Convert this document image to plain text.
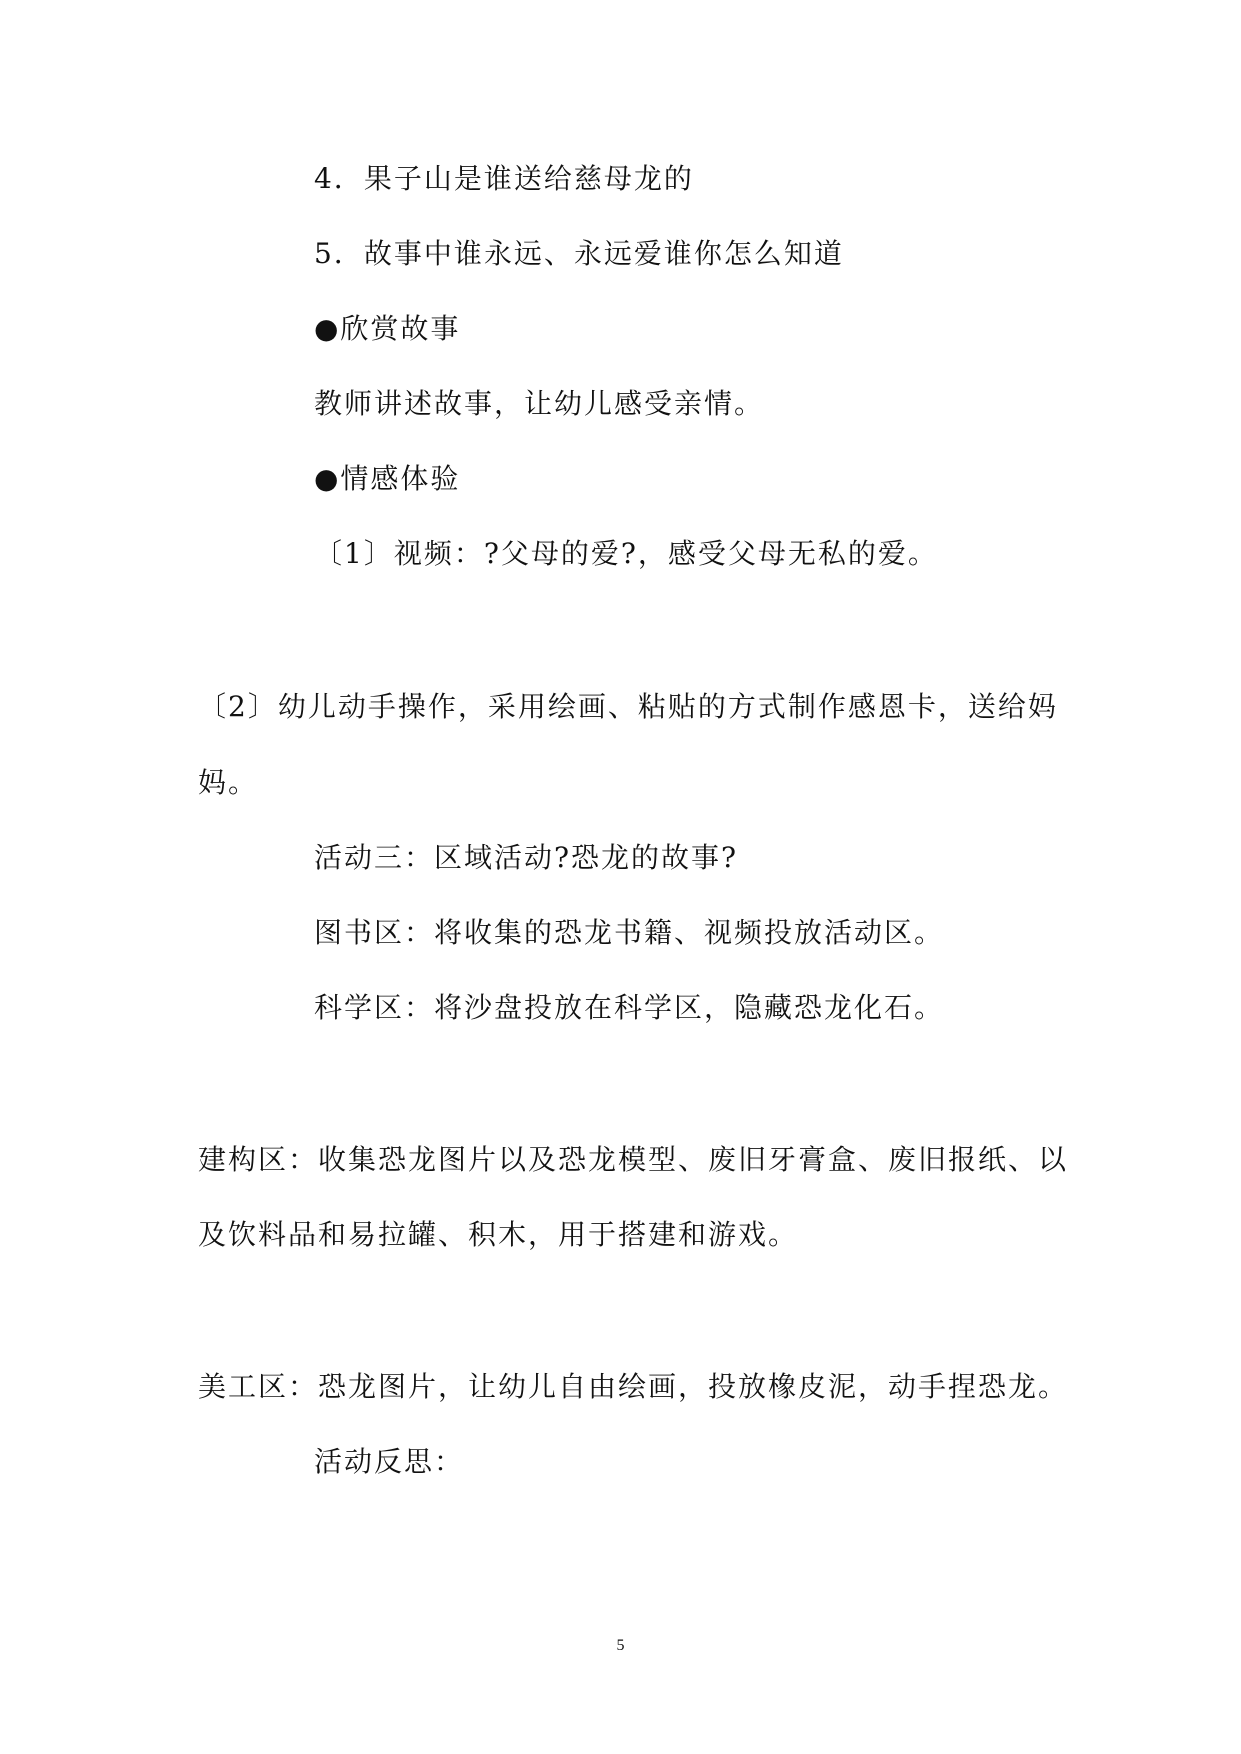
4．果子山是谁送给慈母龙的
5．故事中谁永远、永远爱谁你怎么知道
●欣赏故事
教师讲述故事，让幼儿感受亲情。
●情感体验
〔1〕视频：?父母的爱?，感受父母无私的爱。
〔2〕幼儿动手操作，采用绘画、粘贴的方式制作感恩卡，送给妈
妈。
活动三：区域活动?恐龙的故事?
图书区：将收集的恐龙书籍、视频投放活动区。
科学区：将沙盘投放在科学区，隐藏恐龙化石。
建构区：收集恐龙图片以及恐龙模型、废旧牙膏盒、废旧报纸、以
及饮料品和易拉罐、积木，用于搭建和游戏。
美工区：恐龙图片，让幼儿自由绘画，投放橡皮泥，动手捏恐龙。
活动反思：
5
